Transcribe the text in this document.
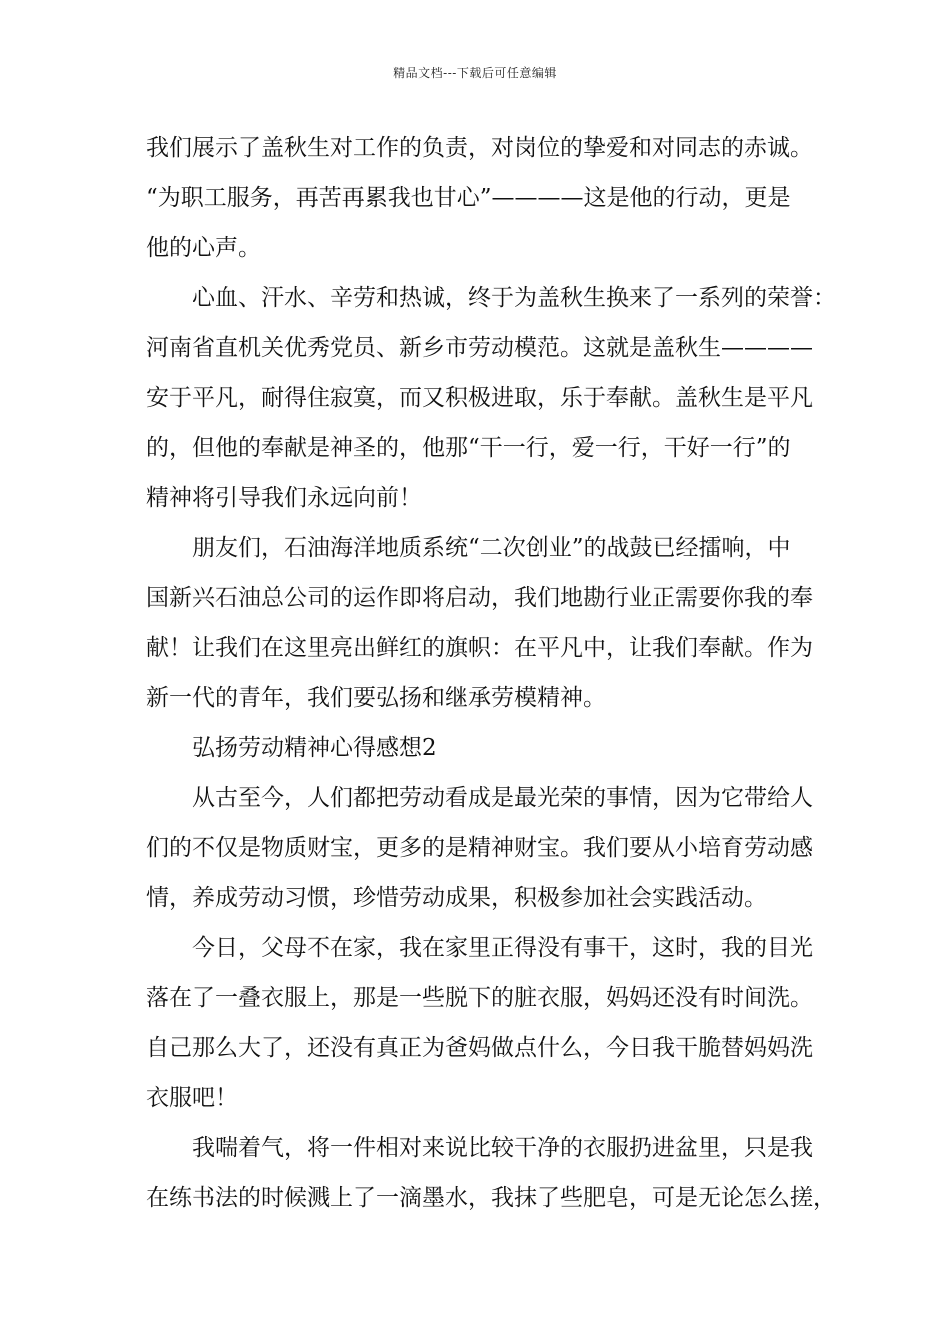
精品文档---下载后可任意编辑
我们展示了盖秋生对工作的负责，对岗位的挚爱和对同志的赤诚。
“为职工服务，再苦再累我也甘心”————这是他的行动，更是
他的心声。
心血、汗水、辛劳和热诚，终于为盖秋生换来了一系列的荣誉：
河南省直机关优秀党员、新乡市劳动模范。这就是盖秋生————
安于平凡，耐得住寂寞，而又积极进取，乐于奉献。盖秋生是平凡
的，但他的奉献是神圣的，他那“干一行，爱一行，干好一行”的
精神将引导我们永远向前！
朋友们，石油海洋地质系统“二次创业”的战鼓已经擂响，中
国新兴石油总公司的运作即将启动，我们地勘行业正需要你我的奉
献！让我们在这里亮出鲜红的旗帜：在平凡中，让我们奉献。作为
新一代的青年，我们要弘扬和继承劳模精神。
弘扬劳动精神心得感想2
从古至今，人们都把劳动看成是最光荣的事情，因为它带给人
们的不仅是物质财宝，更多的是精神财宝。我们要从小培育劳动感
情，养成劳动习惯，珍惜劳动成果，积极参加社会实践活动。
今日，父母不在家，我在家里正得没有事干，这时，我的目光
落在了一叠衣服上，那是一些脱下的脏衣服，妈妈还没有时间洗。
自己那么大了，还没有真正为爸妈做点什么，今日我干脆替妈妈洗
衣服吧！
我喘着气，将一件相对来说比较干净的衣服扔进盆里，只是我
在练书法的时候溅上了一滴墨水，我抹了些肥皂，可是无论怎么搓，
